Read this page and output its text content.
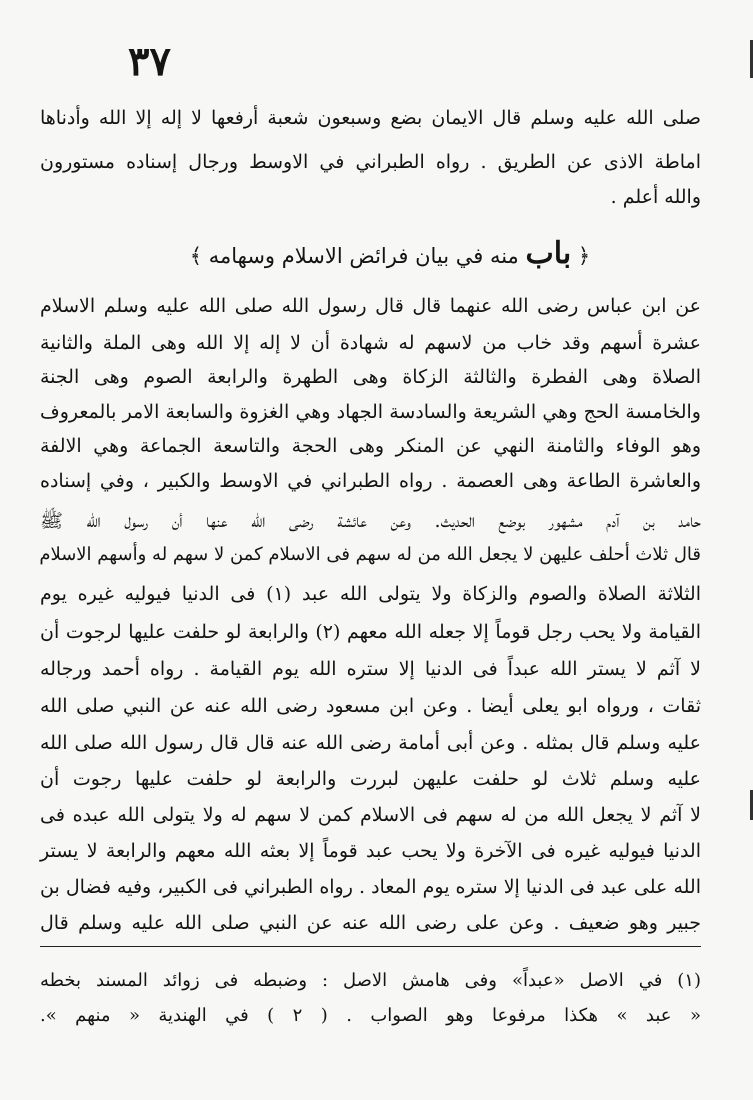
٣٧
صلى الله عليه وسلم قال الايمان بضع وسبعون شعبة أرفعها لا إله إلا الله وأدناها
اماطة الاذى عن الطريق . رواه الطبراني في الاوسط ورجال إسناده مستورون
والله أعلم .
﴿ باب منه في بيان فرائض الاسلام وسهامه ﴾
عن ابن عباس رضى الله عنهما قال قال رسول الله صلى الله عليه وسلم الاسلام
عشرة أسهم وقد خاب من لاسهم له شهادة أن لا إله إلا الله وهى الملة والثانية
الصلاة وهى الفطرة والثالثة الزكاة وهى الطهرة والرابعة الصوم وهى الجنة
والخامسة الحج وهي الشريعة والسادسة الجهاد وهي الغزوة والسابعة الامر بالمعروف
وهو الوفاء والثامنة النهي عن المنكر وهى الحجة والتاسعة الجماعة وهي الالفة
والعاشرة الطاعة وهى العصمة . رواه الطبراني في الاوسط والكبير ، وفي إسناده
حامد بن آدم مشهور بوضع الحديث. وعن عائشة رضى الله عنها أن رسول الله ﷺ
قال ثلاث أحلف عليهن لا يجعل الله من له سهم فى الاسلام كمن لا سهم له وأسهم الاسلام
الثلاثة الصلاة والصوم والزكاة ولا يتولى الله عبد (١) فى الدنيا فيوليه غيره يوم
القيامة ولا يحب رجل قوماً إلا جعله الله معهم (٢) والرابعة لو حلفت عليها لرجوت أن
لا آثم لا يستر الله عبداً فى الدنيا إلا ستره الله يوم القيامة . رواه أحمد ورجاله
ثقات ، ورواه ابو يعلى أيضا . وعن ابن مسعود رضى الله عنه عن النبي صلى الله
عليه وسلم قال بمثله . وعن أبى أمامة رضى الله عنه قال قال رسول الله صلى الله
عليه وسلم ثلاث لو حلفت عليهن لبررت والرابعة لو حلفت عليها رجوت أن
لا آثم لا يجعل الله من له سهم فى الاسلام كمن لا سهم له ولا يتولى الله عبده فى
الدنيا فيوليه غيره فى الآخرة ولا يحب عبد قوماً إلا بعثه الله معهم والرابعة لا يستر
الله على عبد فى الدنيا إلا ستره يوم المعاد . رواه الطبراني فى الكبير، وفيه فضال بن
جبير وهو ضعيف . وعن على رضى الله عنه عن النبي صلى الله عليه وسلم قال
(١) في الاصل «عبداً» وفى هامش الاصل : وضبطه فى زوائد المسند بخطه
« عبد » هكذا مرفوعا وهو الصواب . ( ٢ ) في الهندية « منهم ».
